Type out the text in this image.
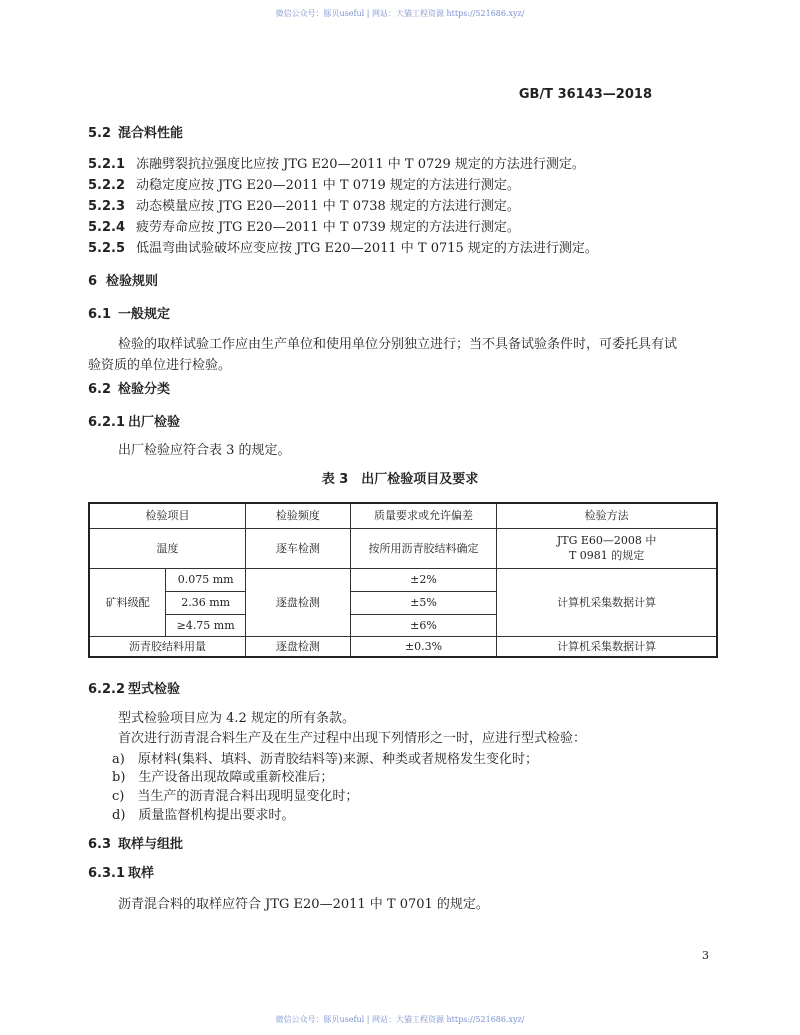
微信公众号：豚贝useful | 网站：大猫工程资源 https://521686.xyz/
GB/T 36143—2018
5.2 混合料性能
5.2.1 冻融劈裂抗拉强度比应按 JTG E20—2011 中 T 0729 规定的方法进行测定。
5.2.2 动稳定度应按 JTG E20—2011 中 T 0719 规定的方法进行测定。
5.2.3 动态模量应按 JTG E20—2011 中 T 0738 规定的方法进行测定。
5.2.4 疲劳寿命应按 JTG E20—2011 中 T 0739 规定的方法进行测定。
5.2.5 低温弯曲试验破坏应变应按 JTG E20—2011 中 T 0715 规定的方法进行测定。
6 检验规则
6.1 一般规定
检验的取样试验工作应由生产单位和使用单位分别独立进行；当不具备试验条件时，可委托具有试
验资质的单位进行检验。
6.2 检验分类
6.2.1 出厂检验
出厂检验应符合表 3 的规定。
表 3　出厂检验项目及要求
检验项目		检验频度	质量要求或允许偏差	检验方法
温度		逐车检测	按所用沥青胶结料确定	JTG E60—2008 中
T 0981 的规定

矿料级配	0.075 mm	逐盘检测	±2%	计算机采集数据计算
	2.36 mm		±5%	
	≥4.75 mm		±6%	
沥青胶结料用量		逐盘检测	±0.3%	计算机采集数据计算
6.2.2 型式检验
型式检验项目应为 4.2 规定的所有条款。
首次进行沥青混合料生产及在生产过程中出现下列情形之一时，应进行型式检验：
a)　原材料(集料、填料、沥青胶结料等)来源、种类或者规格发生变化时；
b)　生产设备出现故障或重新校准后；
c)　当生产的沥青混合料出现明显变化时；
d)　质量监督机构提出要求时。
6.3 取样与组批
6.3.1 取样
沥青混合料的取样应符合 JTG E20—2011 中 T 0701 的规定。
3
微信公众号：豚贝useful | 网站：大猫工程资源 https://521686.xyz/
